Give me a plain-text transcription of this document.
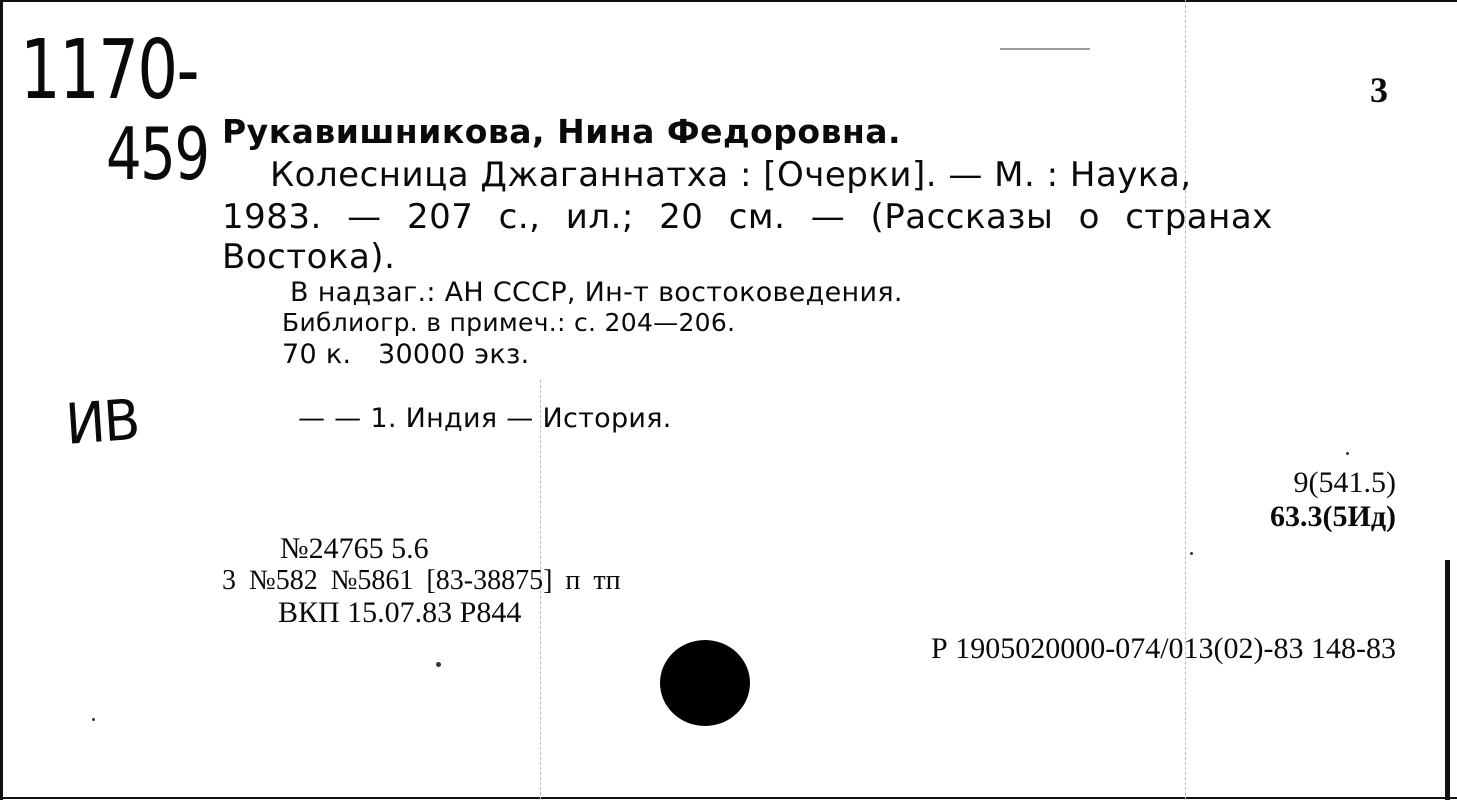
1170-
459
ИВ
3
Рукавишникова, Нина Федоровна.
Колесница Джаганнатха : [Очерки]. — М. : Наука,
1983. — 207 с., ил.; 20 см. — (Рассказы о странах
Востока).
В надзаг.: АН СССР, Ин-т востоковедения.
Библиогр. в примеч.: с. 204—206.
70 к.   30000 экз.
— — 1. Индия — История.
9(541.5)
63.3(5Ид)
№24765 5.6
3 №582 №5861 [83-38875] п тп
ВКП 15.07.83 Р844
Р 1905020000-074/013(02)-83 148-83
